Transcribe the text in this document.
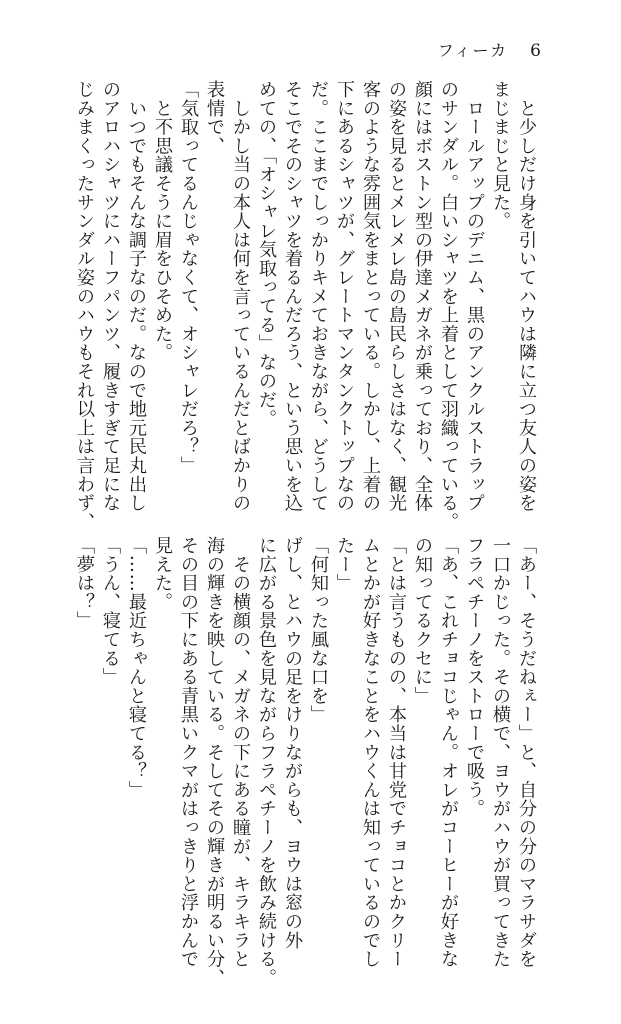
フィーカ 6

　と少しだけ身を引いてハウは隣に立つ友人の姿を

まじまじと見た。

　ロールアップのデニム、黒のアンクルストラップ

のサンダル。白いシャツを上着として羽織っている。

顔にはボストン型の伊達メガネが乗っており、全体

の姿を見るとメレメレ島の島民らしさはなく、観光

客のような雰囲気をまとっている。しかし、上着の

下にあるシャツが、グレートマンタンクトップなの

だ。ここまでしっかりキメておきながら、どうして

そこでそのシャツを着るんだろう、という思いを込

めての、「オシャレ気取ってる」なのだ。

　しかし当の本人は何を言っているんだとばかりの

表情で、

「気取ってるんじゃなくて、オシャレだろ？」

　と不思議そうに眉をひそめた。

　いつでもそんな調子なのだ。なので地元民丸出し

のアロハシャツにハーフパンツ、履きすぎて足にな

じみまくったサンダル姿のハウもそれ以上は言わず、

「あー、そうだねぇー」と、自分の分のマラサダを

一口かじった。その横で、ヨウがハウが買ってきた

フラペチーノをストローで吸う。

「あ、これチョコじゃん。オレがコーヒーが好きな

の知ってるクセに」

「とは言うものの、本当は甘党でチョコとかクリー

ムとかが好きなことをハウくんは知っているのでし

たー」

「何知った風な口を」

げし、とハウの足をけりながらも、ヨウは窓の外

に広がる景色を見ながらフラペチーノを飲み続ける。

　その横顔の、メガネの下にある瞳が、キラキラと

海の輝きを映している。そしてその輝きが明るい分、

その目の下にある青黒いクマがはっきりと浮かんで

見えた。

「……最近ちゃんと寝てる？」

「うん、寝てる」

「夢は？」
